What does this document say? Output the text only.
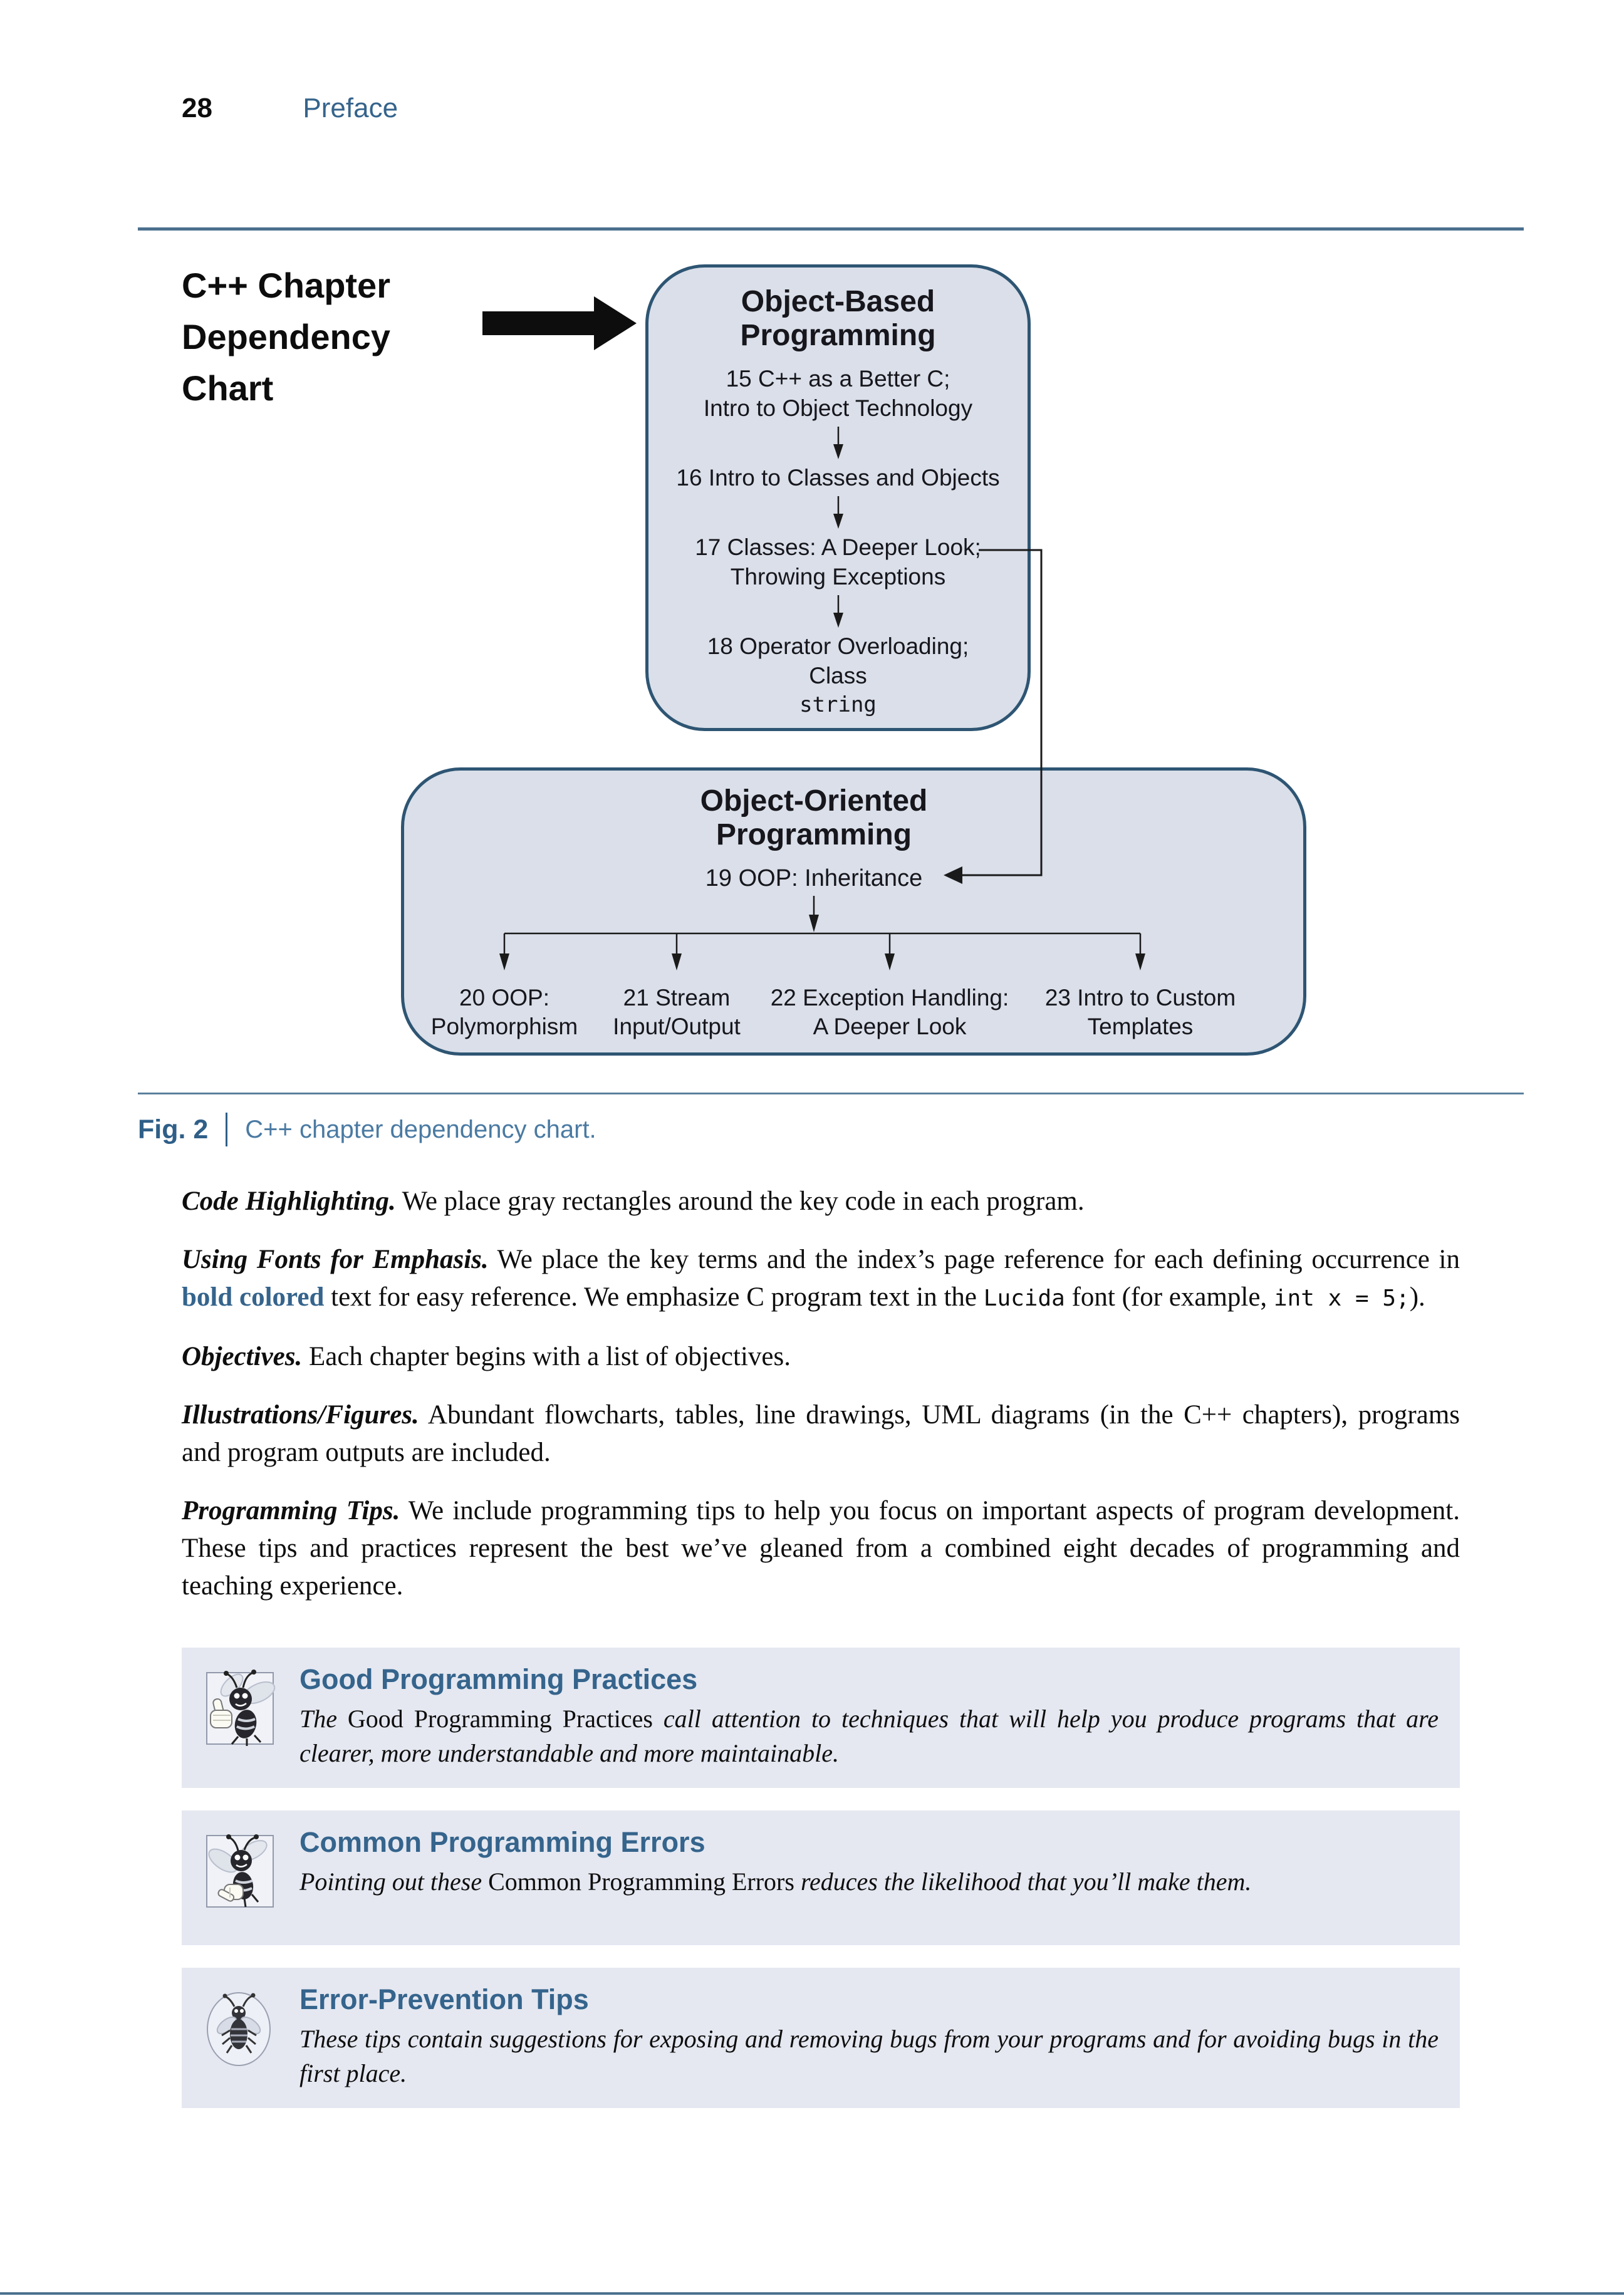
28	Preface
C++ Chapter
Dependency
Chart
Object-Based
Programming
15 C++ as a Better C;
Intro to Object Technology
16 Intro to Classes and Objects
17 Classes: A Deeper Look;
Throwing Exceptions
18 Operator Overloading;
Class
string
Object-Oriented
Programming
19 OOP: Inheritance
20 OOP:
Polymorphism
21 Stream
Input/Output
22 Exception Handling:
A Deeper Look
23 Intro to Custom
Templates
Fig. 2 C++ chapter dependency chart.

Code Highlighting. We place gray rectangles around the key code in each program.

Using Fonts for Emphasis. We place the key terms and the index’s page reference for each defining occurrence in bold colored text for easy reference. We emphasize C program text in the Lucida font (for example, int x = 5;).

Objectives. Each chapter begins with a list of objectives.

Illustrations/Figures. Abundant flowcharts, tables, line drawings, UML diagrams (in the C++ chapters), programs and program outputs are included.

Programming Tips. We include programming tips to help you focus on important aspects of program development. These tips and practices represent the best we’ve gleaned from a combined eight decades of programming and teaching experience.

Good Programming Practices

The Good Programming Practices call attention to techniques that will help you produce programs that are clearer, more understandable and more maintainable.

Common Programming Errors

Pointing out these Common Programming Errors reduces the likelihood that you’ll make them.

Error-Prevention Tips

These tips contain suggestions for exposing and removing bugs from your programs and for avoiding bugs in the first place.
